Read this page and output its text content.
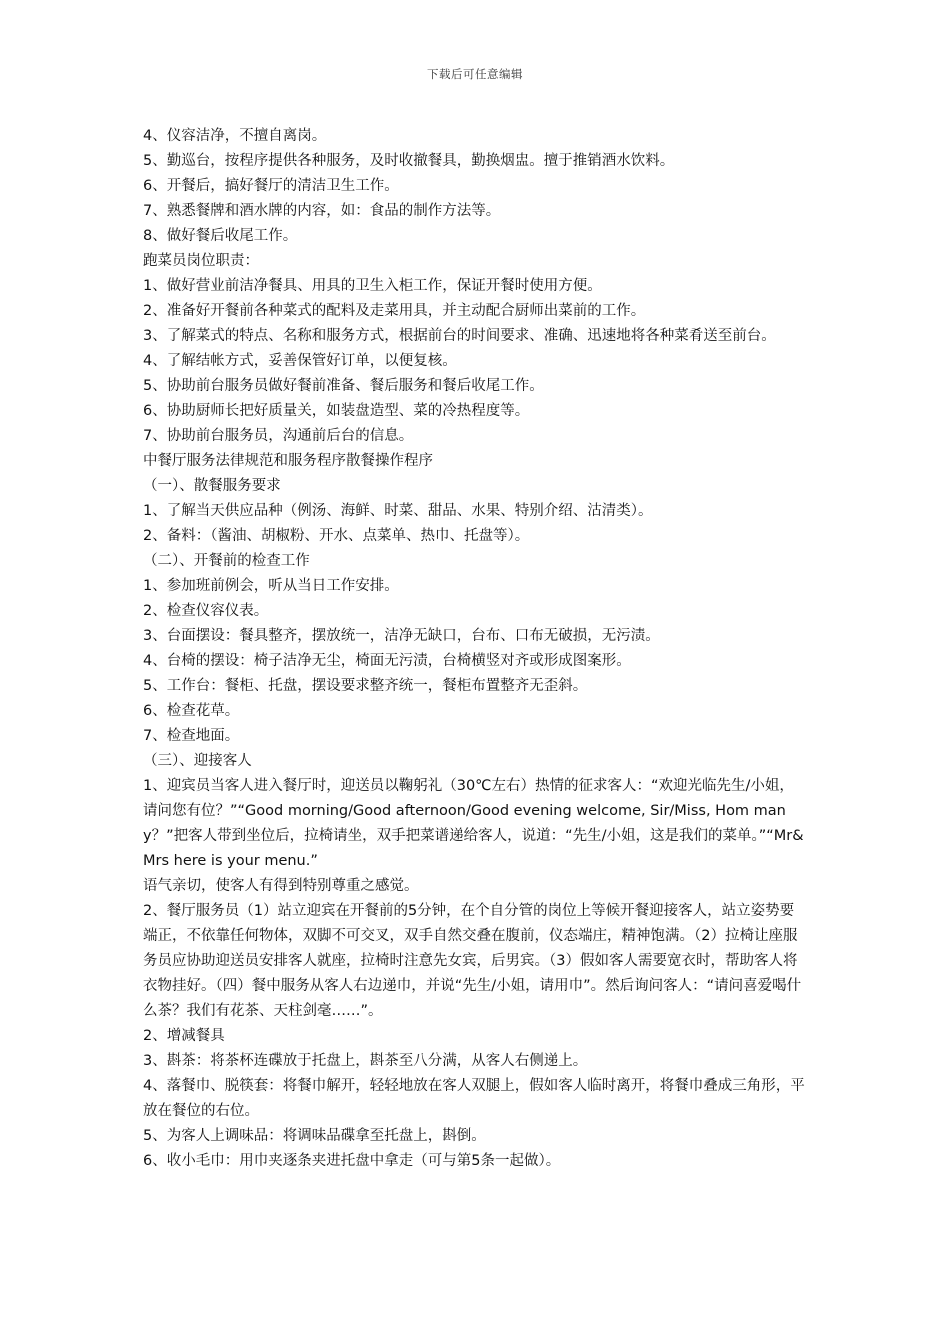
下载后可任意编辑

4、仪容洁净，不擅自离岗。

5、勤巡台，按程序提供各种服务，及时收撤餐具，勤换烟盅。擅于推销酒水饮料。

6、开餐后，搞好餐厅的清洁卫生工作。

7、熟悉餐牌和酒水牌的内容，如：食品的制作方法等。

8、做好餐后收尾工作。

跑菜员岗位职责：

1、做好营业前洁净餐具、用具的卫生入柜工作，保证开餐时使用方便。

2、准备好开餐前各种菜式的配料及走菜用具，并主动配合厨师出菜前的工作。

3、了解菜式的特点、名称和服务方式，根据前台的时间要求、准确、迅速地将各种菜肴送至前台。

4、了解结帐方式，妥善保管好订单，以便复核。

5、协助前台服务员做好餐前准备、餐后服务和餐后收尾工作。

6、协助厨师长把好质量关，如装盘造型、菜的冷热程度等。

7、协助前台服务员，沟通前后台的信息。

中餐厅服务法律规范和服务程序散餐操作程序

（一）、散餐服务要求

1、了解当天供应品种（例汤、海鲜、时菜、甜品、水果、特别介绍、沽清类）。

2、备料：（酱油、胡椒粉、开水、点菜单、热巾、托盘等）。

（二）、开餐前的检查工作

1、参加班前例会，听从当日工作安排。

2、检查仪容仪表。

3、台面摆设：餐具整齐，摆放统一，洁净无缺口，台布、口布无破损，无污渍。

4、台椅的摆设：椅子洁净无尘，椅面无污渍，台椅横竖对齐或形成图案形。

5、工作台：餐柜、托盘，摆设要求整齐统一，餐柜布置整齐无歪斜。

6、检查花草。

7、检查地面。

（三）、迎接客人

1、迎宾员当客人进入餐厅时，迎送员以鞠躬礼（30℃左右）热情的征求客人：“欢迎光临先生/小姐，请问您有位？”“Good morning/Good afternoon/Good evening welcome, Sir/Miss, Hom many？”把客人带到坐位后，拉椅请坐，双手把菜谱递给客人，说道：“先生/小姐，这是我们的菜单。”“Mr&Mrs here is your menu.”

语气亲切，使客人有得到特别尊重之感觉。

2、餐厅服务员（1）站立迎宾在开餐前的5分钟，在个自分管的岗位上等候开餐迎接客人，站立姿势要端正，不依靠任何物体，双脚不可交叉，双手自然交叠在腹前，仪态端庄，精神饱满。（2）拉椅让座服务员应协助迎送员安排客人就座，拉椅时注意先女宾，后男宾。（3）假如客人需要宽衣时，帮助客人将衣物挂好。（四）餐中服务从客人右边递巾，并说“先生/小姐，请用巾”。然后询问客人：“请问喜爱喝什么茶？我们有花茶、天柱剑毫……”。

2、增减餐具

3、斟茶：将茶杯连碟放于托盘上，斟茶至八分满，从客人右侧递上。

4、落餐巾、脱筷套：将餐巾解开，轻轻地放在客人双腿上，假如客人临时离开，将餐巾叠成三角形，平放在餐位的右位。

5、为客人上调味品：将调味品碟拿至托盘上，斟倒。

6、收小毛巾：用巾夹逐条夹进托盘中拿走（可与第5条一起做）。
